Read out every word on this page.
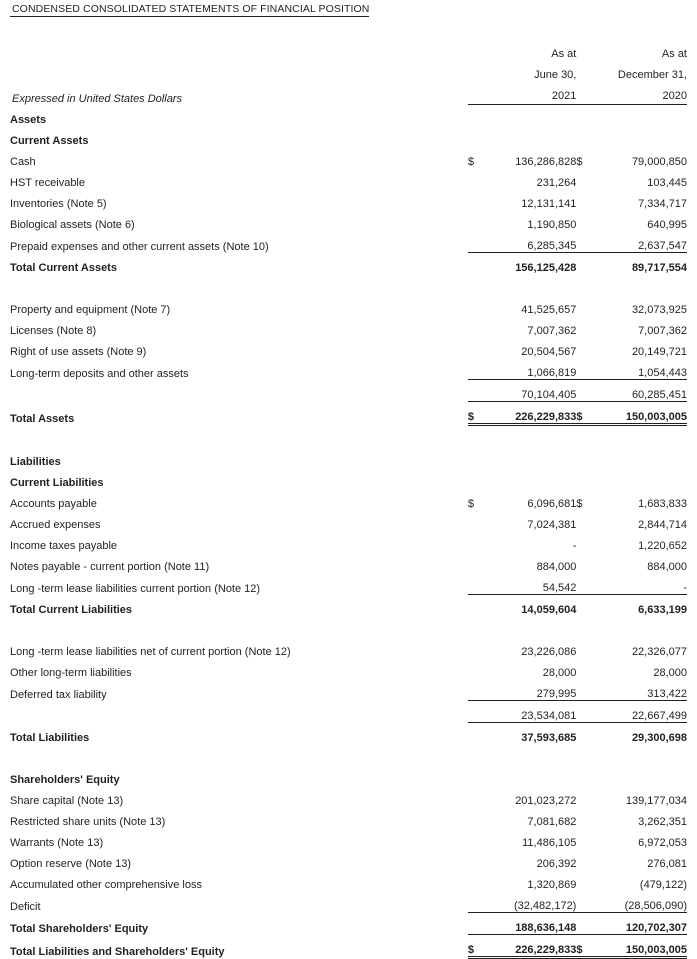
CONDENSED CONSOLIDATED STATEMENTS OF FINANCIAL POSITION
		As at		As at
		June 30,		December 31,
Expressed in United States Dollars		2021		2020
Assets				
Current Assets				
Cash	$	136,286,828	$	79,000,850
HST receivable		231,264		103,445
Inventories (Note 5)		12,131,141		7,334,717
Biological assets (Note 6)		1,190,850		640,995
Prepaid expenses and other current assets (Note 10)		6,285,345		2,637,547
Total Current Assets		156,125,428		89,717,554

Property and equipment (Note 7)		41,525,657		32,073,925
Licenses (Note 8)		7,007,362		7,007,362
Right of use assets (Note 9)		20,504,567		20,149,721
Long-term deposits and other assets		1,066,819		1,054,443
		70,104,405		60,285,451
Total Assets	$	226,229,833	$	150,003,005

Liabilities				
Current Liabilities				
Accounts payable	$	6,096,681	$	1,683,833
Accrued expenses		7,024,381		2,844,714
Income taxes payable		-		1,220,652
Notes payable - current portion (Note 11)		884,000		884,000
Long -term lease liabilities current portion (Note 12)		54,542		-
Total Current Liabilities		14,059,604		6,633,199

Long -term lease liabilities net of current portion (Note 12)		23,226,086		22,326,077
Other long-term liabilities		28,000		28,000
Deferred tax liability		279,995		313,422
		23,534,081		22,667,499
Total Liabilities		37,593,685		29,300,698

Shareholders' Equity				
Share capital (Note 13)		201,023,272		139,177,034
Restricted share units (Note 13)		7,081,682		3,262,351
Warrants (Note 13)		11,486,105		6,972,053
Option reserve (Note 13)		206,392		276,081
Accumulated other comprehensive loss		1,320,869		(479,122)
Deficit		(32,482,172)		(28,506,090)
Total Shareholders' Equity		188,636,148		120,702,307
Total Liabilities and Shareholders' Equity	$	226,229,833	$	150,003,005
